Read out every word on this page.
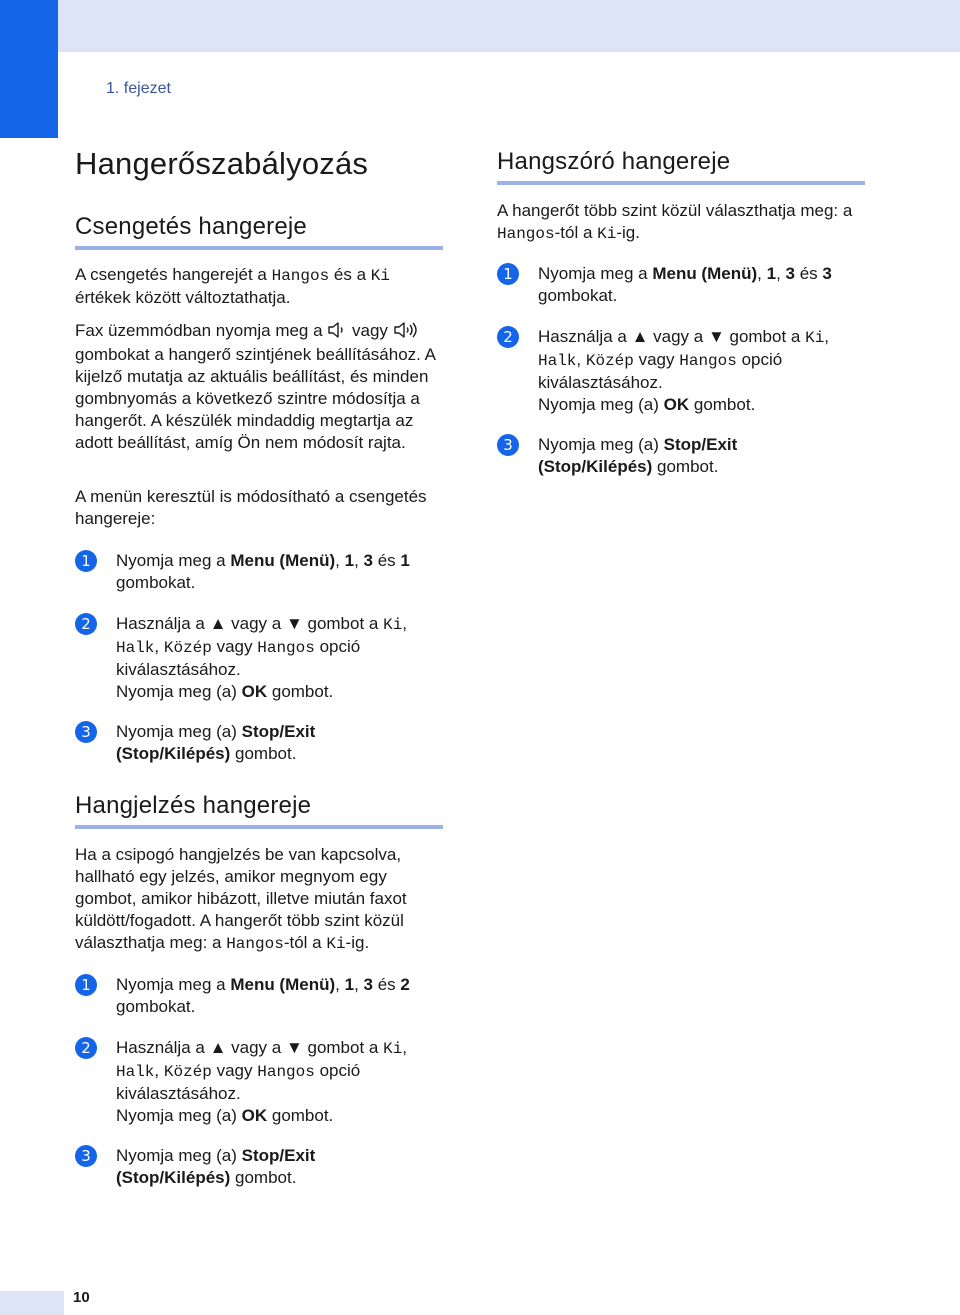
1. fejezet
Hangerőszabályozás
Csengetés hangereje

A csengetés hangerejét a Hangos és a Ki értékek között változtathatja.

Fax üzemmódban nyomja meg a  vagy  gombokat a hangerő szintjének beállításához. A kijelző mutatja az aktuális beállítást, és minden gombnyomás a következő szintre módosítja a hangerőt. A készülék mindaddig megtartja az adott beállítást, amíg Ön nem módosít rajta.

A menün keresztül is módosítható a csengetés hangereje:

1	Nyomja meg a Menu (Menü), 1, 3 és 1 gombokat.

2	Használja a ▲ vagy a ▼ gombot a Ki, Halk, Közép vagy Hangos opció kiválasztásához.
Nyomja meg (a) OK gombot.

3	Nyomja meg (a) Stop/Exit (Stop/Kilépés) gombot.

Hangjelzés hangereje

Ha a csipogó hangjelzés be van kapcsolva, hallható egy jelzés, amikor megnyom egy gombot, amikor hibázott, illetve miután faxot küldött/fogadott. A hangerőt több szint közül választhatja meg: a Hangos-tól a Ki-ig.

1	Nyomja meg a Menu (Menü), 1, 3 és 2 gombokat.

2	Használja a ▲ vagy a ▼ gombot a Ki, Halk, Közép vagy Hangos opció kiválasztásához.
Nyomja meg (a) OK gombot.

3	Nyomja meg (a) Stop/Exit (Stop/Kilépés) gombot.

Hangszóró hangereje

A hangerőt több szint közül választhatja meg: a Hangos-tól a Ki-ig.

1	Nyomja meg a Menu (Menü), 1, 3 és 3 gombokat.

2	Használja a ▲ vagy a ▼ gombot a Ki, Halk, Közép vagy Hangos opció kiválasztásához.
Nyomja meg (a) OK gombot.

3	Nyomja meg (a) Stop/Exit (Stop/Kilépés) gombot.

10
